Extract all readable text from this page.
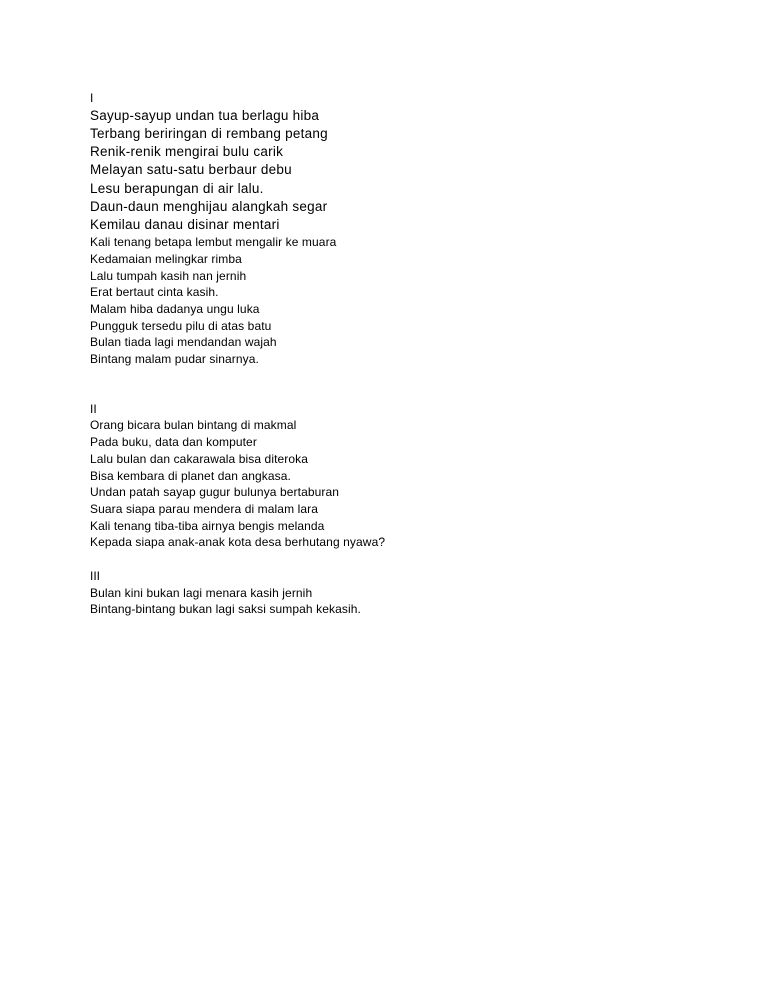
I

Sayup-sayup undan tua berlagu hiba

Terbang beriringan di rembang petang

Renik-renik mengirai bulu carik

Melayan satu-satu berbaur debu

Lesu berapungan di air lalu.

Daun-daun menghijau alangkah segar

Kemilau danau disinar mentari

Kali tenang betapa lembut mengalir ke muara

Kedamaian melingkar rimba

Lalu tumpah kasih nan jernih

Erat bertaut cinta kasih.

Malam hiba dadanya ungu luka

Pungguk tersedu pilu di atas batu

Bulan tiada lagi mendandan wajah

Bintang malam pudar sinarnya.

II

Orang bicara bulan bintang di makmal

Pada buku, data dan komputer

Lalu bulan dan cakarawala bisa diteroka

Bisa kembara di planet dan angkasa.

Undan patah sayap gugur bulunya bertaburan

Suara siapa parau mendera di malam lara

Kali tenang tiba-tiba airnya bengis melanda

Kepada siapa anak-anak kota desa berhutang nyawa?

III

Bulan kini bukan lagi menara kasih jernih

Bintang-bintang bukan lagi saksi sumpah kekasih.
